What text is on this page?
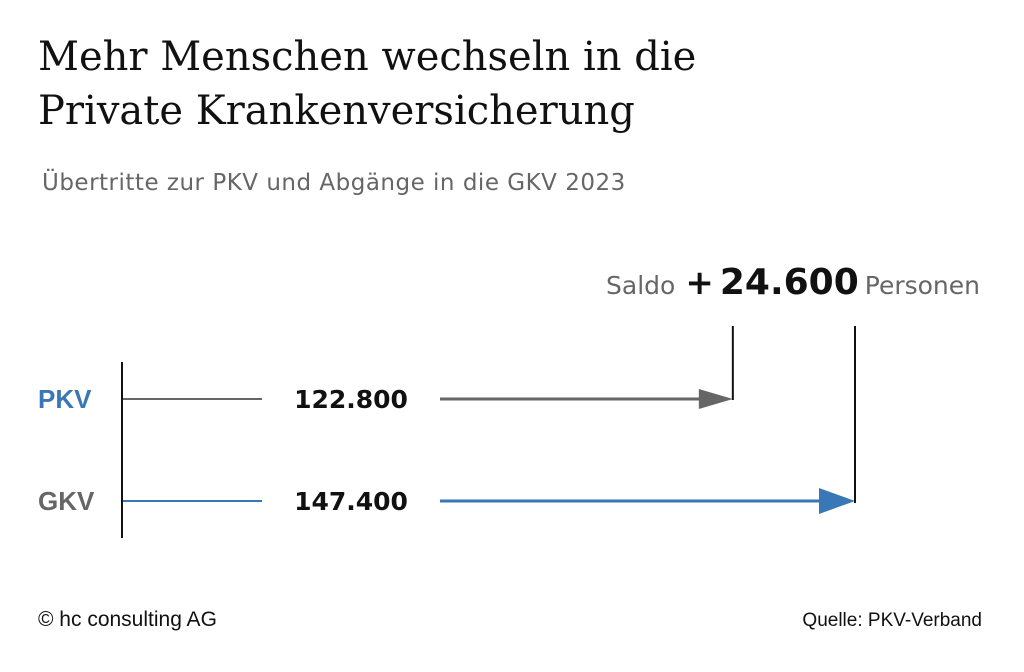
Mehr Menschen wechseln in die
Private Krankenversicherung
Übertritte zur PKV und Abgänge in die GKV 2023
Saldo + 24.600 Personen
PKV	122.800
GKV	147.400
© hc consulting AG	Quelle: PKV-Verband
